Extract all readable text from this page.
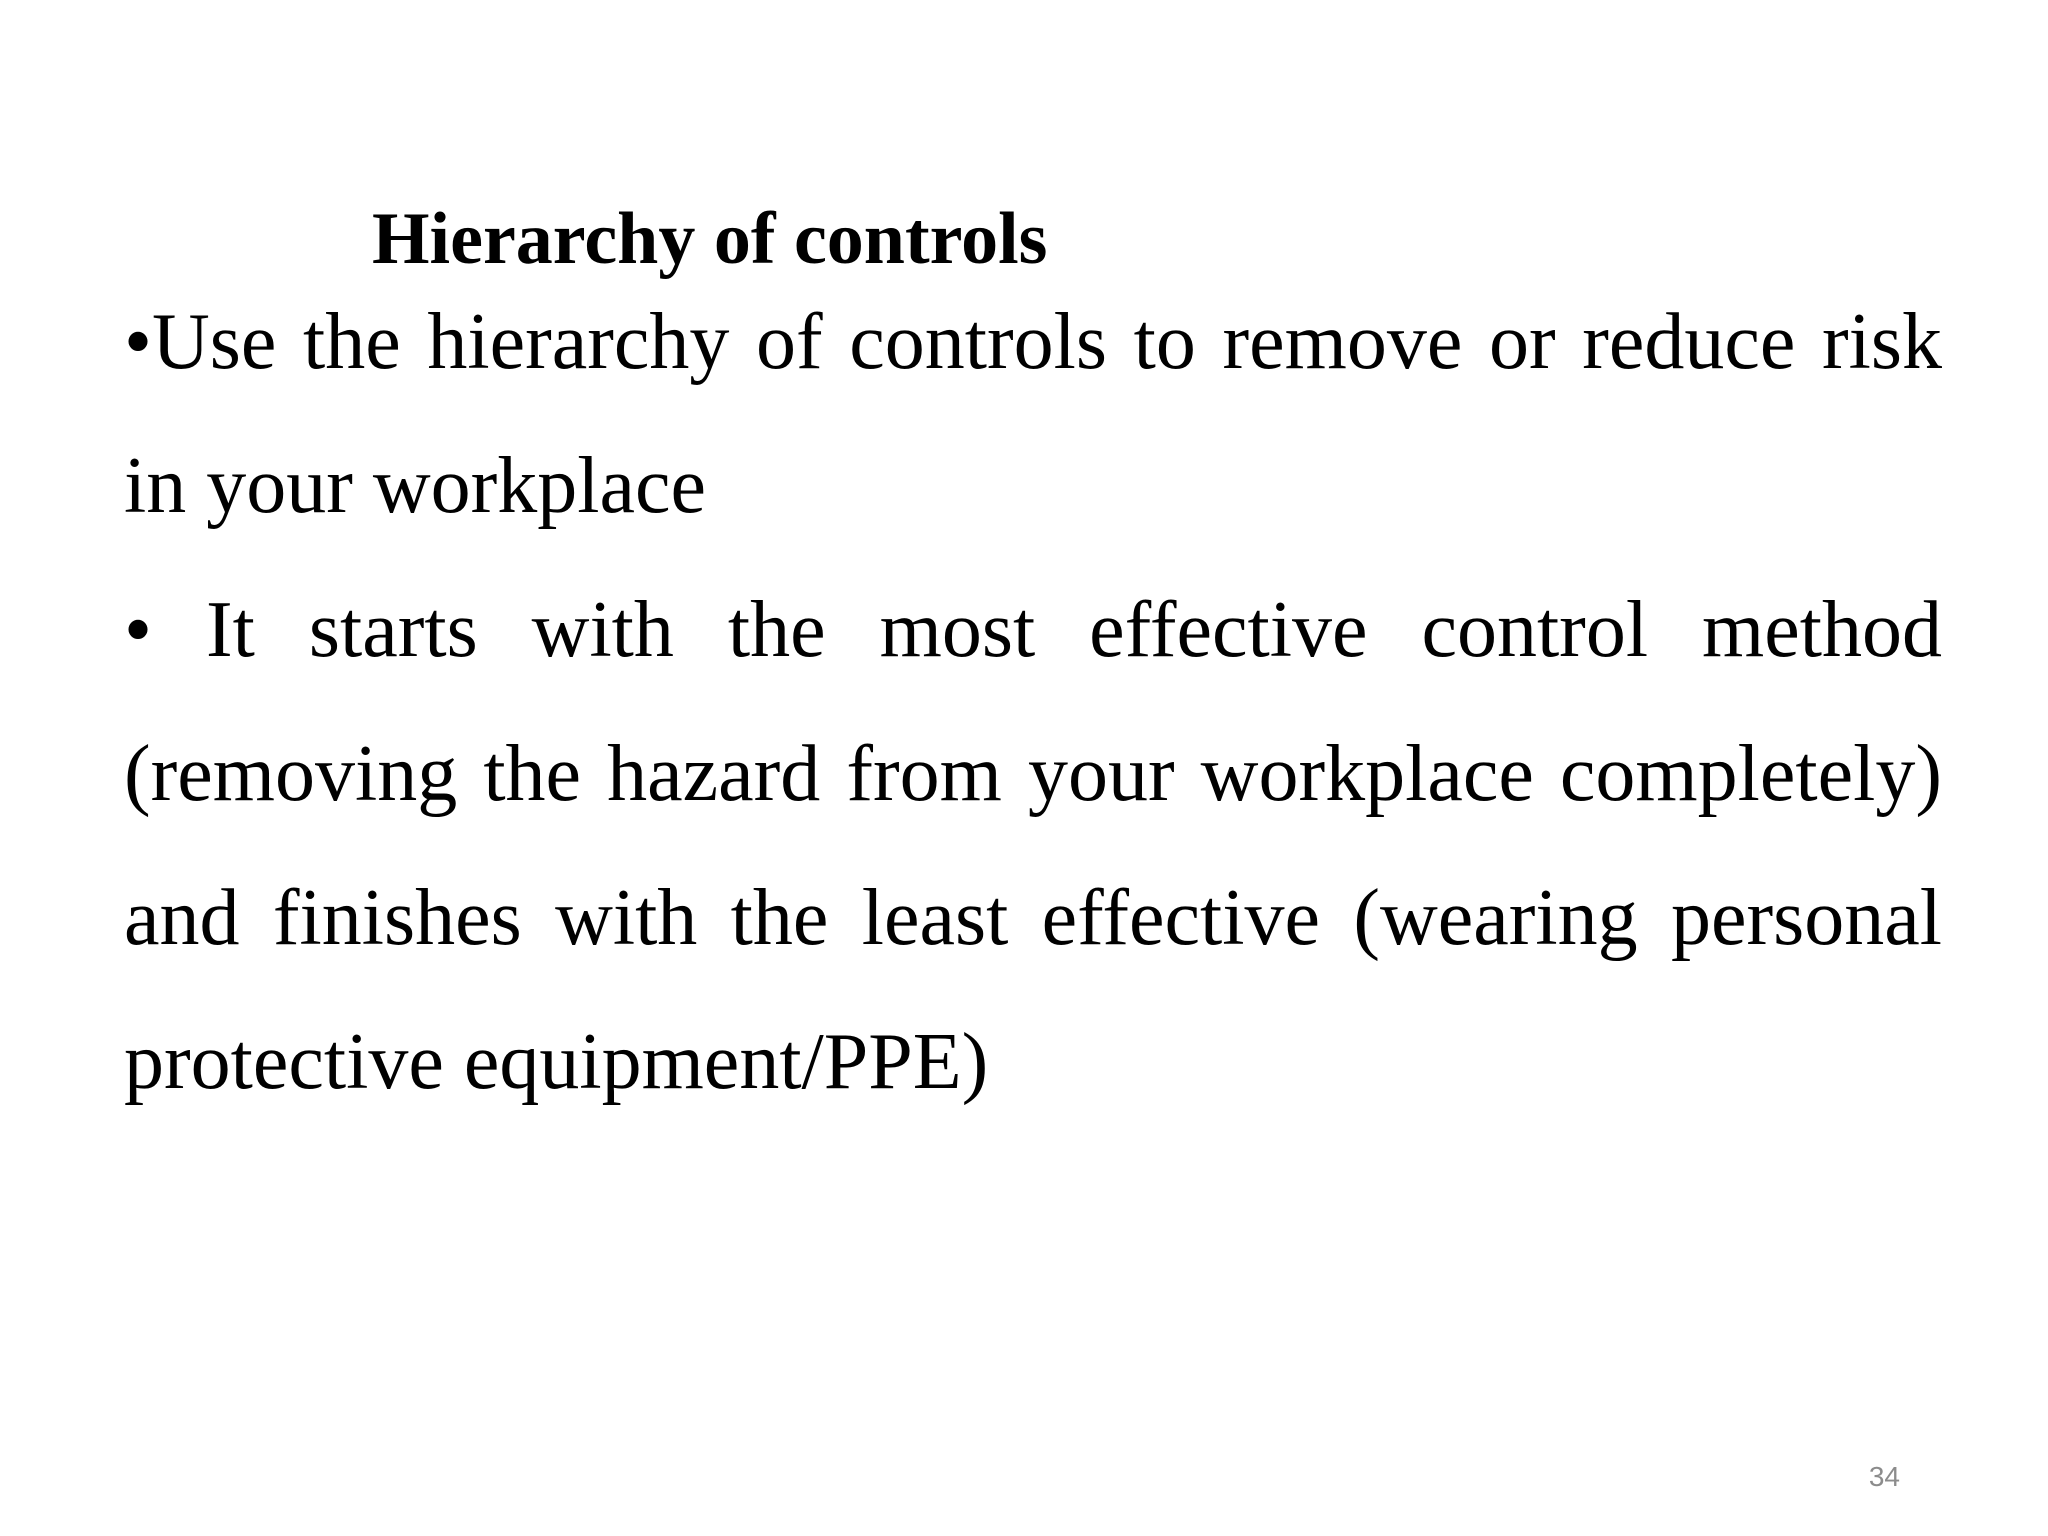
Hierarchy of controls

•Use the hierarchy of controls to remove or reduce risk in your workplace

• It starts with the most effective control method (removing the hazard from your workplace completely) and finishes with the least effective (wearing personal protective equipment/PPE)

34
